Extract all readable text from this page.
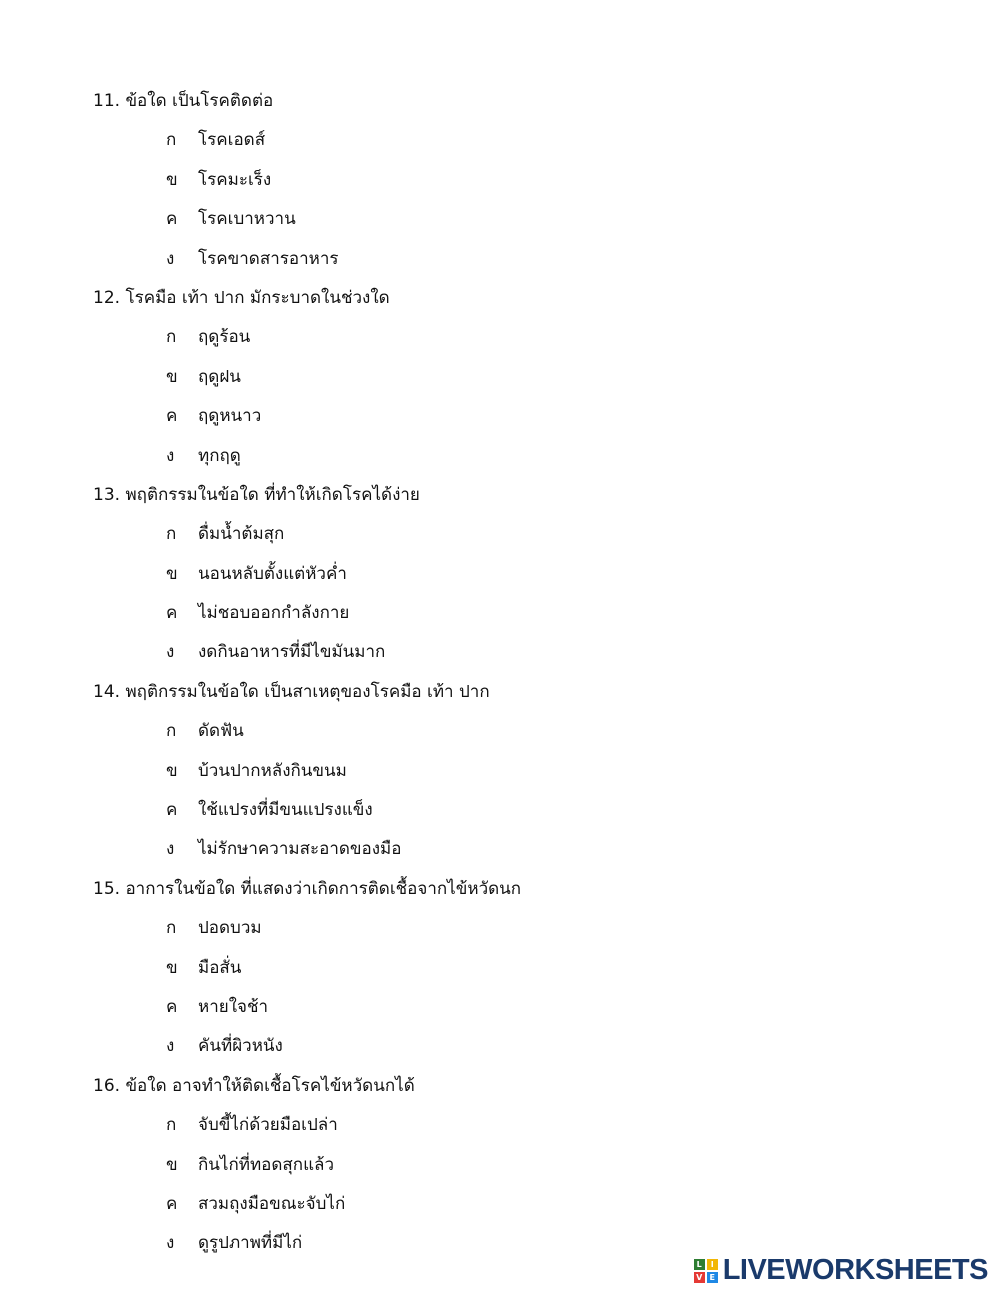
11. ข้อใด เป็นโรคติดต่อ
ก	โรคเอดส์
ข	โรคมะเร็ง
ค	โรคเบาหวาน
ง	โรคขาดสารอาหาร
12. โรคมือ เท้า ปาก มักระบาดในช่วงใด
ก	ฤดูร้อน
ข	ฤดูฝน
ค	ฤดูหนาว
ง	ทุกฤดู
13. พฤติกรรมในข้อใด ที่ทำให้เกิดโรคได้ง่าย
ก	ดื่มน้ำต้มสุก
ข	นอนหลับตั้งแต่หัวค่ำ
ค	ไม่ชอบออกกำลังกาย
ง	งดกินอาหารที่มีไขมันมาก
14. พฤติกรรมในข้อใด เป็นสาเหตุของโรคมือ เท้า ปาก
ก	ดัดฟัน
ข	บ้วนปากหลังกินขนม
ค	ใช้แปรงที่มีขนแปรงแข็ง
ง	ไม่รักษาความสะอาดของมือ
15. อาการในข้อใด ที่แสดงว่าเกิดการติดเชื้อจากไข้หวัดนก
ก	ปอดบวม
ข	มือสั่น
ค	หายใจช้า
ง	คันที่ผิวหนัง
16. ข้อใด อาจทำให้ติดเชื้อโรคไข้หวัดนกได้
ก	จับขี้ไก่ด้วยมือเปล่า
ข	กินไก่ที่ทอดสุกแล้ว
ค	สวมถุงมือขณะจับไก่
ง	ดูรูปภาพที่มีไก่
L	I
V E LIVEWORKSHEETS
